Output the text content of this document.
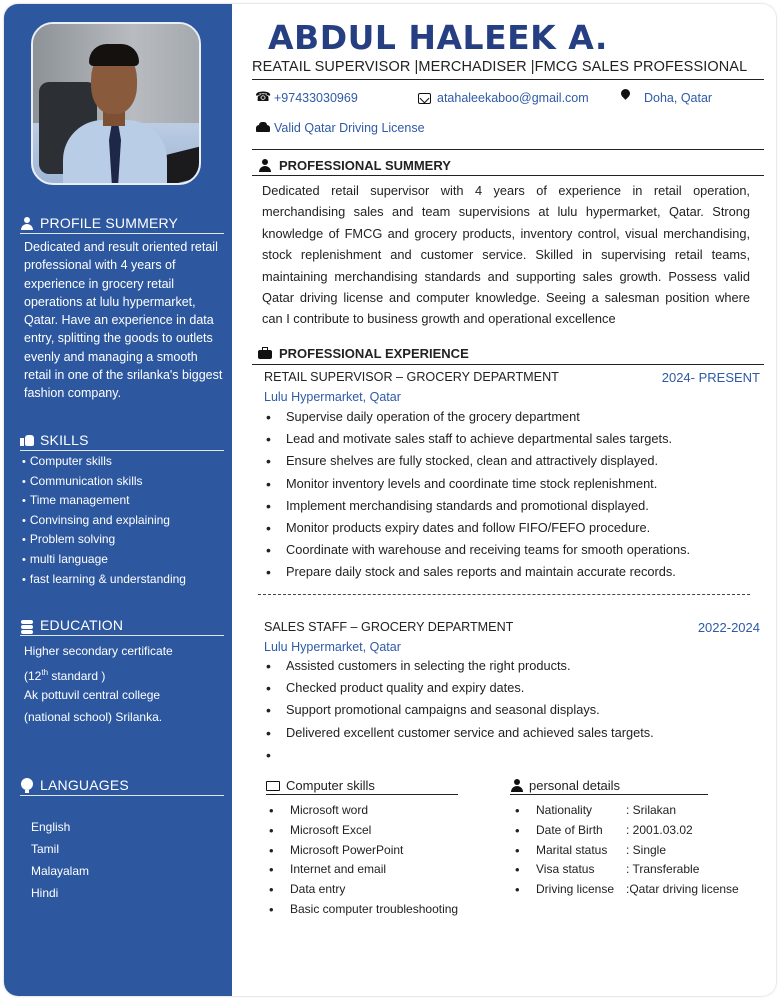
PROFILE SUMMERY
Dedicated and result oriented retail professional with 4 years of experience in grocery retail operations at lulu hypermarket, Qatar. Have an experience in data entry, splitting the goods to outlets evenly and managing a smooth retail in one of the srilanka's biggest fashion company.
SKILLS
• Computer skills
• Communication skills
• Time management
• Convinsing and explaining
• Problem solving
• multi language
• fast learning & understanding
EDUCATION
Higher secondary certificate
(12th standard )
Ak pottuvil central college
(national school) Srilanka.
LANGUAGES
English
Tamil
Malayalam
Hindi
ABDUL HALEEK A.
REATAIL SUPERVISOR |MERCHADISER |FMCG SALES PROFESSIONAL
☎
+97433030969	atahaleekaboo@gmail.com	Doha, Qatar
Valid Qatar Driving License
PROFESSIONAL SUMMERY
Dedicated retail supervisor with 4 years of experience in retail operation, merchandising sales and team supervisions at lulu hypermarket, Qatar. Strong knowledge of FMCG and grocery products, inventory control, visual merchandising, stock replenishment and customer service. Skilled in supervising retail teams, maintaining merchandising standards and supporting sales growth. Possess valid Qatar driving license and computer knowledge. Seeing a salesman position where can I contribute to business growth and operational excellence
PROFESSIONAL EXPERIENCE
RETAIL SUPERVISOR – GROCERY DEPARTMENT	2024- PRESENT
Lulu Hypermarket, Qatar
• Supervise daily operation of the grocery department
• Lead and motivate sales staff to achieve departmental sales targets.
• Ensure shelves are fully stocked, clean and attractively displayed.
• Monitor inventory levels and coordinate time stock replenishment.
• Implement merchandising standards and promotional displayed.
• Monitor products expiry dates and follow FIFO/FEFO procedure.
• Coordinate with warehouse and receiving teams for smooth operations.
• Prepare daily stock and sales reports and maintain accurate records.
SALES STAFF – GROCERY DEPARTMENT	2022-2024
Lulu Hypermarket, Qatar
• Assisted customers in selecting the right products.
• Checked product quality and expiry dates.
• Support promotional campaigns and seasonal displays.
• Delivered excellent customer service and achieved sales targets.
•
Computer skills
• Microsoft word
• Microsoft Excel
• Microsoft PowerPoint
• Internet and email
• Data entry
• Basic computer troubleshooting
personal details
• Nationality	: Srilakan
• Date of Birth : 2001.03.02
• Marital status : Single
• Visa status	: Transferable
• Driving license :Qatar driving license
